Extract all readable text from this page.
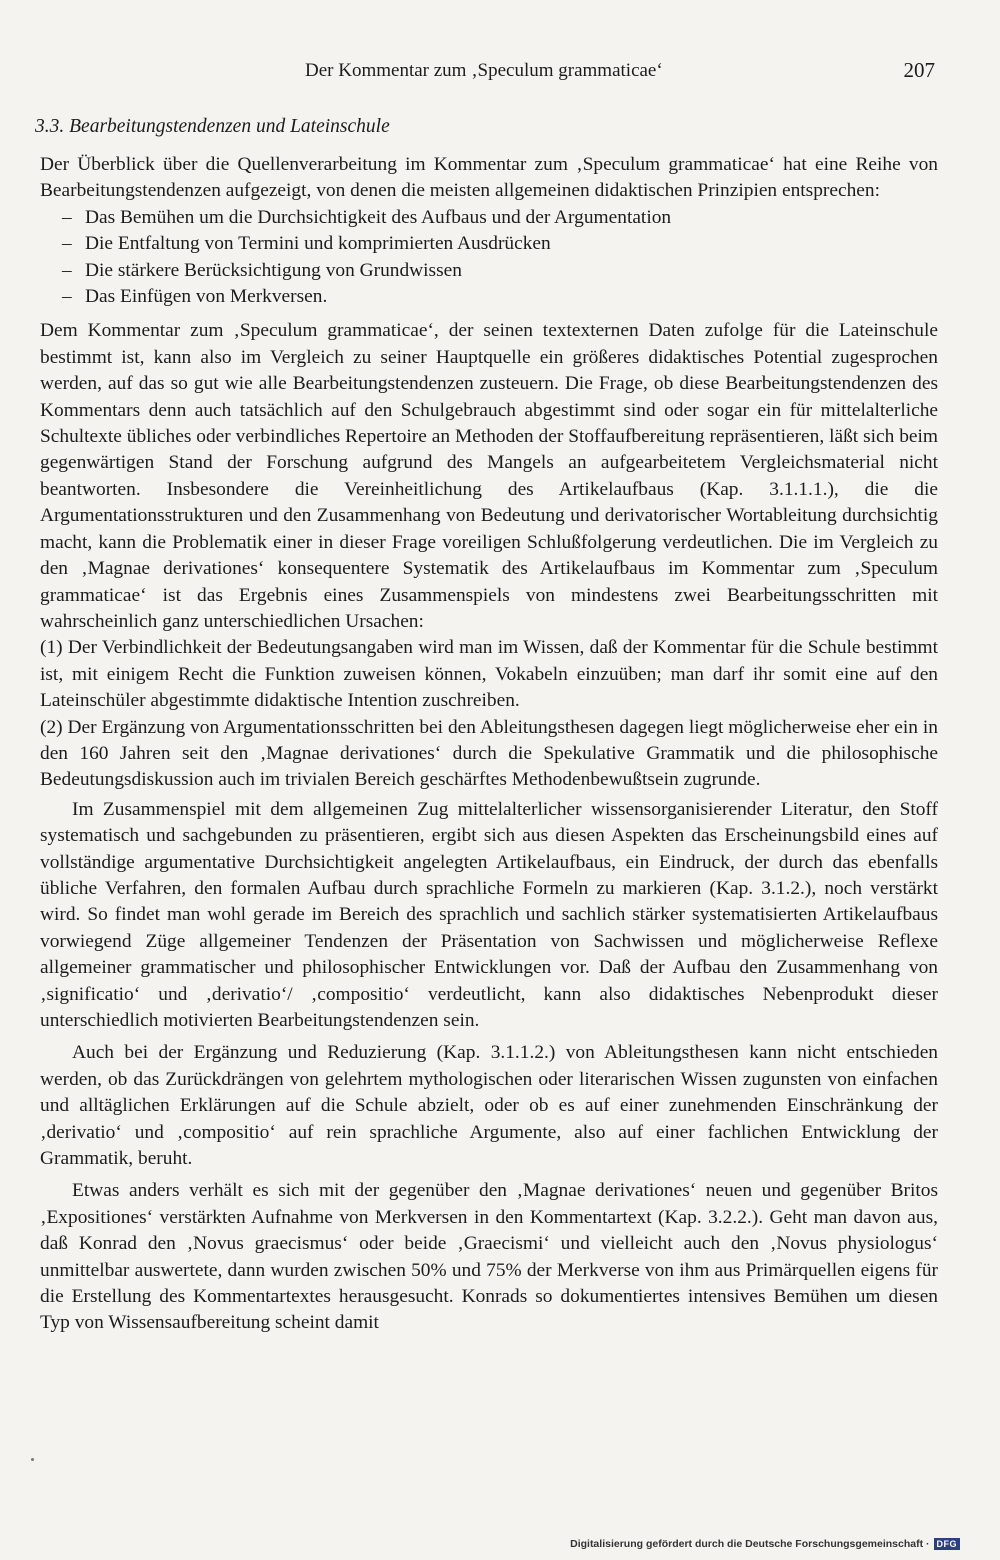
Der Kommentar zum ‚Speculum grammaticae‘	207
3.3. Bearbeitungstendenzen und Lateinschule

Der Überblick über die Quellenverarbeitung im Kommentar zum ‚Speculum grammaticae‘ hat eine Reihe von Bearbeitungstendenzen aufgezeigt, von denen die meisten allgemeinen didaktischen Prinzipien entsprechen:

– Das Bemühen um die Durchsichtigkeit des Aufbaus und der Argumentation
– Die Entfaltung von Termini und komprimierten Ausdrücken
– Die stärkere Berücksichtigung von Grundwissen
– Das Einfügen von Merkversen.

Dem Kommentar zum ‚Speculum grammaticae‘, der seinen textexternen Daten zufolge für die Lateinschule bestimmt ist, kann also im Vergleich zu seiner Hauptquelle ein größeres didaktisches Potential zugesprochen werden, auf das so gut wie alle Bearbeitungstendenzen zusteuern. Die Frage, ob diese Bearbeitungstendenzen des Kommentars denn auch tatsächlich auf den Schulgebrauch abgestimmt sind oder sogar ein für mittelalterliche Schultexte übliches oder verbindliches Repertoire an Methoden der Stoffaufbereitung repräsentieren, läßt sich beim gegenwärtigen Stand der Forschung aufgrund des Mangels an aufgearbeitetem Vergleichsmaterial nicht beantworten. Insbesondere die Vereinheitlichung des Artikelaufbaus (Kap. 3.1.1.1.), die die Argumentationsstrukturen und den Zusammenhang von Bedeutung und derivatorischer Wortableitung durchsichtig macht, kann die Problematik einer in dieser Frage voreiligen Schlußfolgerung verdeutlichen. Die im Vergleich zu den ‚Magnae derivationes‘ konsequentere Systematik des Artikelaufbaus im Kommentar zum ‚Speculum grammaticae‘ ist das Ergebnis eines Zusammenspiels von mindestens zwei Bearbeitungsschritten mit wahrscheinlich ganz unterschiedlichen Ursachen:

(1) Der Verbindlichkeit der Bedeutungsangaben wird man im Wissen, daß der Kommentar für die Schule bestimmt ist, mit einigem Recht die Funktion zuweisen können, Vokabeln einzuüben; man darf ihr somit eine auf den Lateinschüler abgestimmte didaktische Intention zuschreiben.

(2) Der Ergänzung von Argumentationsschritten bei den Ableitungsthesen dagegen liegt möglicherweise eher ein in den 160 Jahren seit den ‚Magnae derivationes‘ durch die Spekulative Grammatik und die philosophische Bedeutungsdiskussion auch im trivialen Bereich geschärftes Methodenbewußtsein zugrunde.

Im Zusammenspiel mit dem allgemeinen Zug mittelalterlicher wissensorganisierender Literatur, den Stoff systematisch und sachgebunden zu präsentieren, ergibt sich aus diesen Aspekten das Erscheinungsbild eines auf vollständige argumentative Durchsichtigkeit angelegten Artikelaufbaus, ein Eindruck, der durch das ebenfalls übliche Verfahren, den formalen Aufbau durch sprachliche Formeln zu markieren (Kap. 3.1.2.), noch verstärkt wird. So findet man wohl gerade im Bereich des sprachlich und sachlich stärker systematisierten Artikelaufbaus vorwiegend Züge allgemeiner Tendenzen der Präsentation von Sachwissen und möglicherweise Reflexe allgemeiner grammatischer und philosophischer Entwicklungen vor. Daß der Aufbau den Zusammenhang von ‚significatio‘ und ‚derivatio‘/ ‚compositio‘ verdeutlicht, kann also didaktisches Nebenprodukt dieser unterschiedlich motivierten Bearbeitungstendenzen sein.

Auch bei der Ergänzung und Reduzierung (Kap. 3.1.1.2.) von Ableitungsthesen kann nicht entschieden werden, ob das Zurückdrängen von gelehrtem mythologischen oder literarischen Wissen zugunsten von einfachen und alltäglichen Erklärungen auf die Schule abzielt, oder ob es auf einer zunehmenden Einschränkung der ‚derivatio‘ und ‚compositio‘ auf rein sprachliche Argumente, also auf einer fachlichen Entwicklung der Grammatik, beruht.

Etwas anders verhält es sich mit der gegenüber den ‚Magnae derivationes‘ neuen und gegenüber Britos ‚Expositiones‘ verstärkten Aufnahme von Merkversen in den Kommentartext (Kap. 3.2.2.). Geht man davon aus, daß Konrad den ‚Novus graecismus‘ oder beide ‚Graecismi‘ und vielleicht auch den ‚Novus physiologus‘ unmittelbar auswertete, dann wurden zwischen 50% und 75% der Merkverse von ihm aus Primärquellen eigens für die Erstellung des Kommentartextes herausgesucht. Konrads so dokumentiertes intensives Bemühen um diesen Typ von Wissensaufbereitung scheint damit

Digitalisierung gefördert durch die Deutsche Forschungsgemeinschaft · DFG
